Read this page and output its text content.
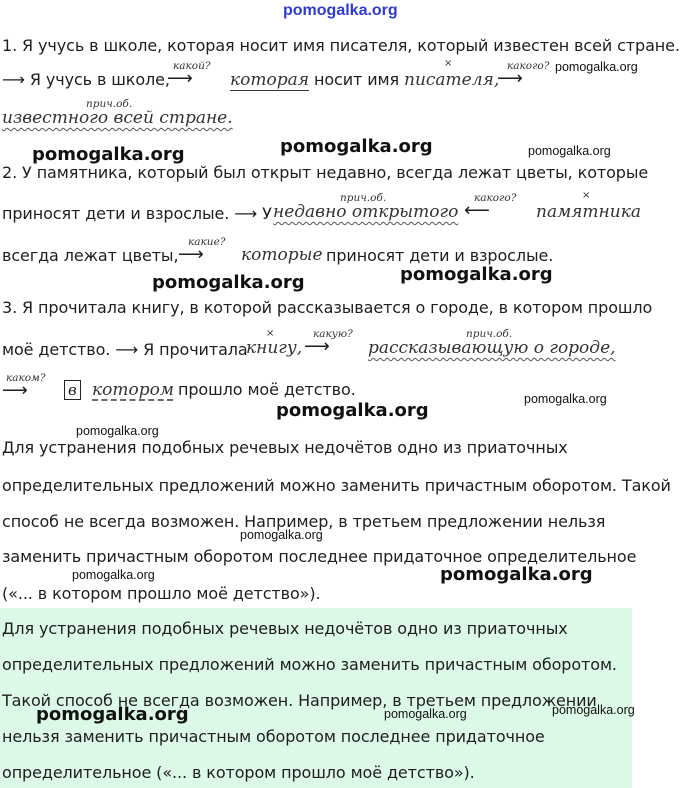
pomogalka.org
1. Я учусь в школе, которая носит имя писателя, который известен всей стране.
⟶ Я учусь в школе,
какой?
⟶ которая носит имя
×
писателя,
какого?
⟶
pomogalka.org
прич.об.
известного всей стране.
pomogalka.org	pomogalka.org	pomogalka.org
2. У памятника, который был открыт недавно, всегда лежат цветы, которые
приносят дети и взрослые. ⟶ У
прич.об.
недавно открытого
какого?
⟵
×
памятника
всегда лежат цветы,
какие?
⟶ которые приносят дети и взрослые.
pomogalka.org	pomogalka.org
3. Я прочитала книгу, в которой рассказывается о городе, в котором прошло
моё детство. ⟶ Я прочитала
×
книгу,
какую?
⟶
прич.об.
рассказывающую о городе,
каком?
⟶	в котором прошло моё детство.
pomogalka.org
pomogalka.org
pomogalka.org
Для устранения подобных речевых недочётов одно из приаточных
определительных предложений можно заменить причастным оборотом. Такой
способ не всегда возможен. Например, в третьем предложении нельзя
pomogalka.org
заменить причастным оборотом последнее придаточное определительное
pomogalka.org	pomogalka.org
(«... в котором прошло моё детство»).
Для устранения подобных речевых недочётов одно из приаточных
определительных предложений можно заменить причастным оборотом.
Такой способ не всегда возможен. Например, в третьем предложении
pomogalka.org	pomogalka.org	pomogalka.org
нельзя заменить причастным оборотом последнее придаточное
определительное («... в котором прошло моё детство»).
